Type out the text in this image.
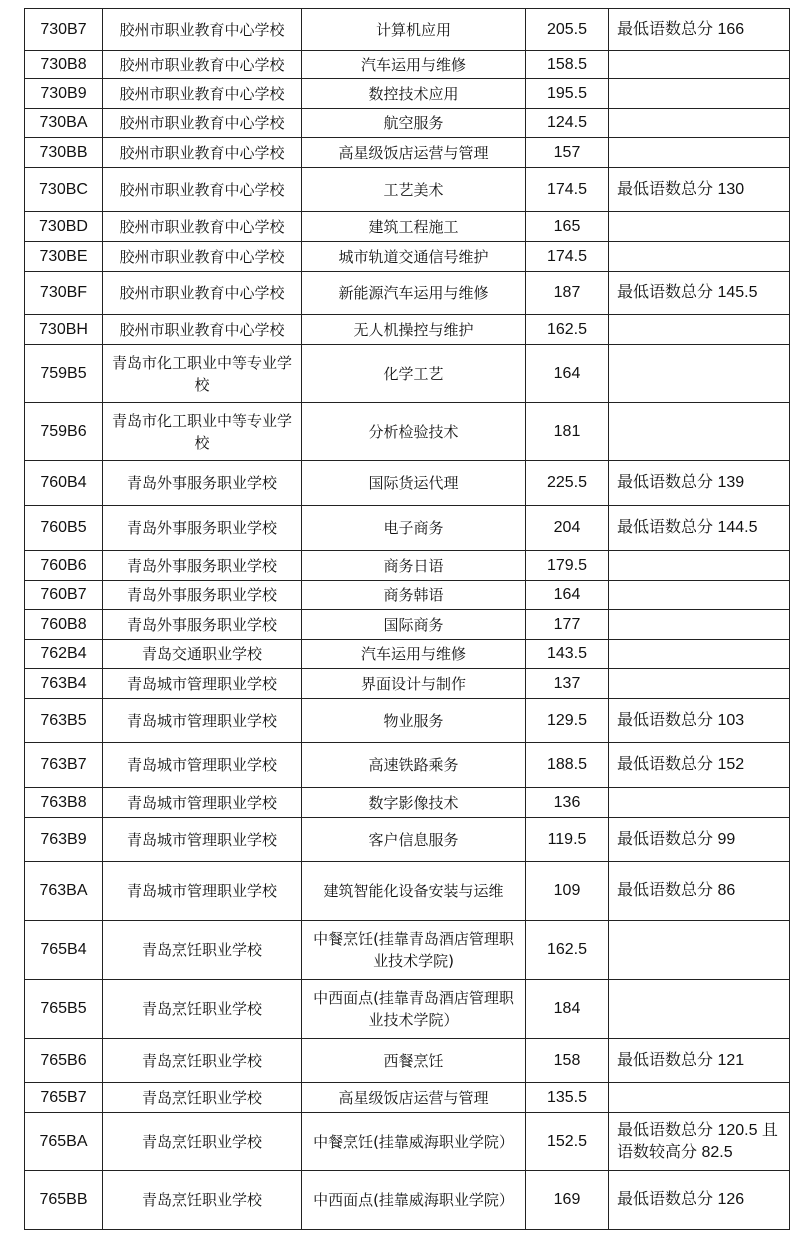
730B7	胶州市职业教育中心学校	计算机应用	205.5	最低语数总分 166
730B8	胶州市职业教育中心学校	汽车运用与维修	158.5	
730B9	胶州市职业教育中心学校	数控技术应用	195.5	
730BA	胶州市职业教育中心学校	航空服务	124.5	
730BB	胶州市职业教育中心学校	高星级饭店运营与管理	157	
730BC	胶州市职业教育中心学校	工艺美术	174.5	最低语数总分 130
730BD	胶州市职业教育中心学校	建筑工程施工	165	
730BE	胶州市职业教育中心学校	城市轨道交通信号维护	174.5	
730BF	胶州市职业教育中心学校	新能源汽车运用与维修	187	最低语数总分 145.5
730BH	胶州市职业教育中心学校	无人机操控与维护	162.5	
759B5	青岛市化工职业中等专业学校	化学工艺	164	
759B6	青岛市化工职业中等专业学校	分析检验技术	181	
760B4	青岛外事服务职业学校	国际货运代理	225.5	最低语数总分 139
760B5	青岛外事服务职业学校	电子商务	204	最低语数总分 144.5
760B6	青岛外事服务职业学校	商务日语	179.5	
760B7	青岛外事服务职业学校	商务韩语	164	
760B8	青岛外事服务职业学校	国际商务	177	
762B4	青岛交通职业学校	汽车运用与维修	143.5	
763B4	青岛城市管理职业学校	界面设计与制作	137	
763B5	青岛城市管理职业学校	物业服务	129.5	最低语数总分 103
763B7	青岛城市管理职业学校	高速铁路乘务	188.5	最低语数总分 152
763B8	青岛城市管理职业学校	数字影像技术	136	
763B9	青岛城市管理职业学校	客户信息服务	119.5	最低语数总分 99
763BA	青岛城市管理职业学校	建筑智能化设备安装与运维	109	最低语数总分 86
765B4	青岛烹饪职业学校	中餐烹饪(挂靠青岛酒店管理职业技术学院)	162.5	
765B5	青岛烹饪职业学校	中西面点(挂靠青岛酒店管理职业技术学院）	184	
765B6	青岛烹饪职业学校	西餐烹饪	158	最低语数总分 121
765B7	青岛烹饪职业学校	高星级饭店运营与管理	135.5	
765BA	青岛烹饪职业学校	中餐烹饪(挂靠威海职业学院）	152.5	最低语数总分 120.5 且语数较高分 82.5
765BB	青岛烹饪职业学校	中西面点(挂靠威海职业学院）	169	最低语数总分 126
